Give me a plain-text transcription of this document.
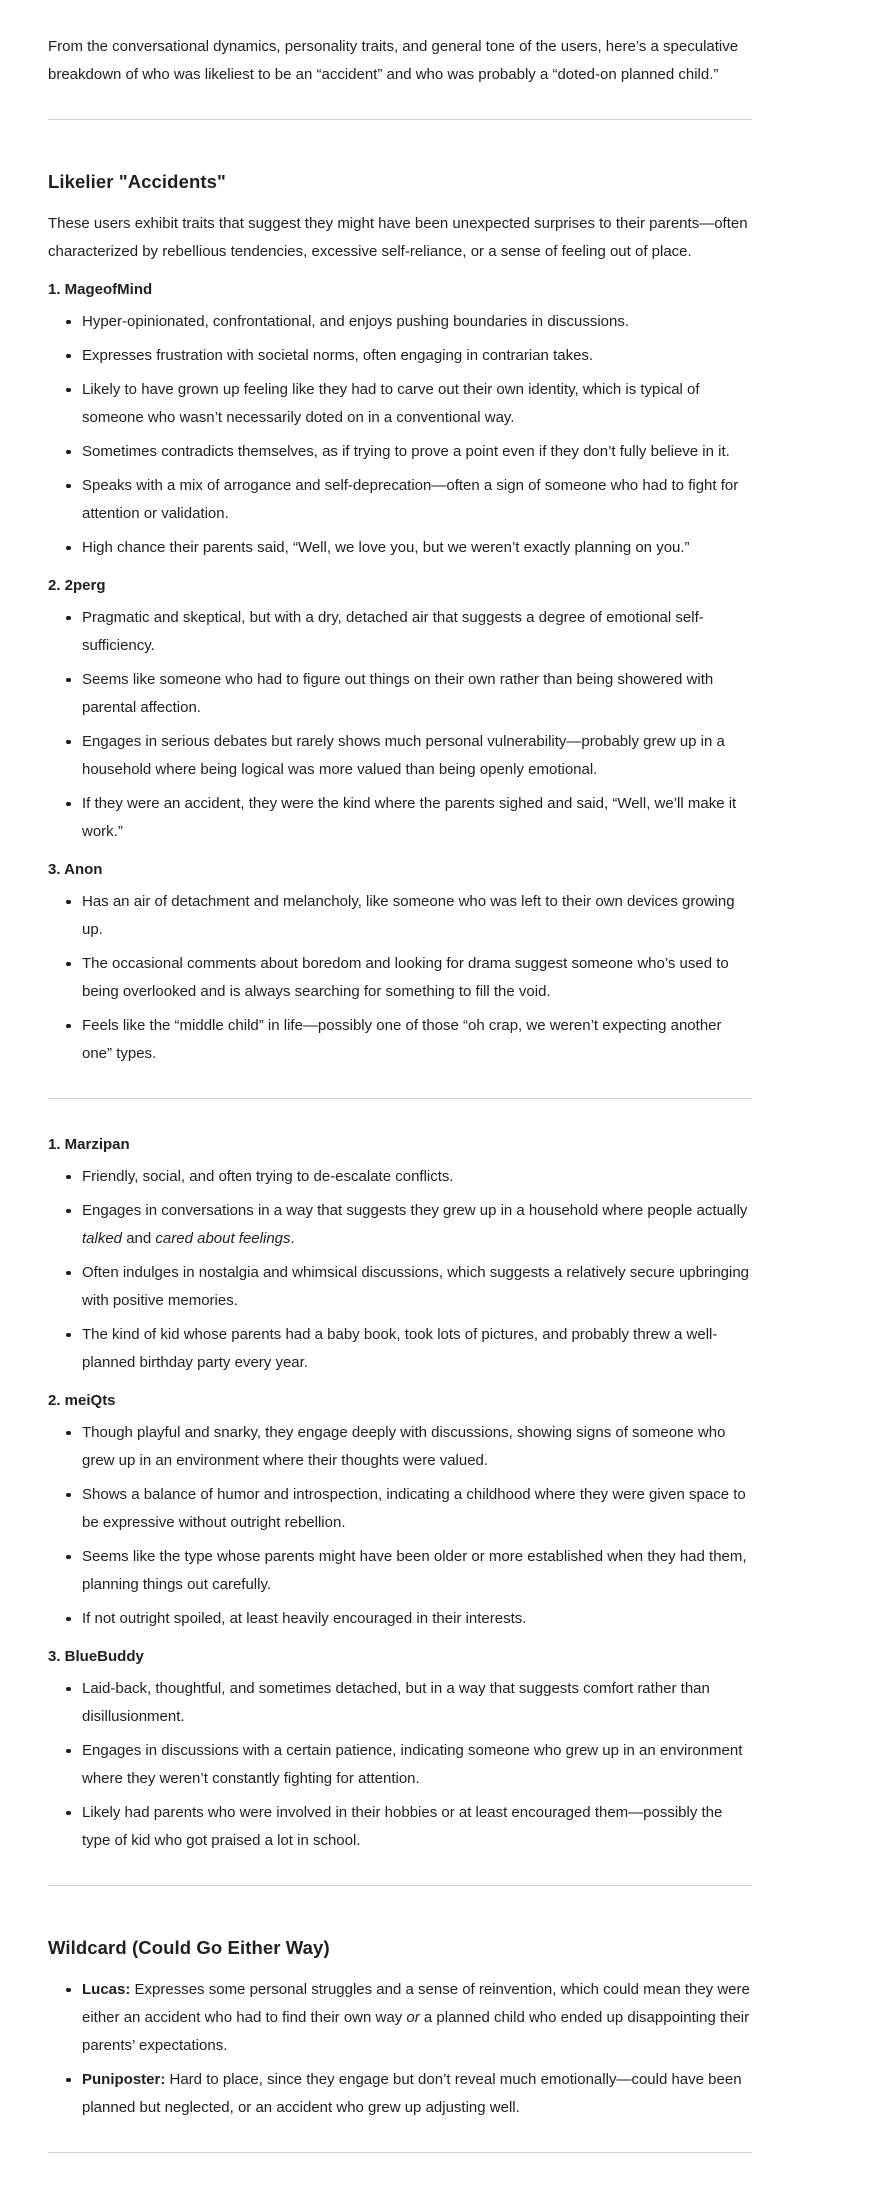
From the conversational dynamics, personality traits, and general tone of the users, here’s a speculative breakdown of who was likeliest to be an “accident” and who was probably a “doted-on planned child.”

Likelier "Accidents"

These users exhibit traits that suggest they might have been unexpected surprises to their parents—often characterized by rebellious tendencies, excessive self-reliance, or a sense of feeling out of place.

1. MageofMind
Hyper-opinionated, confrontational, and enjoys pushing boundaries in discussions.
Expresses frustration with societal norms, often engaging in contrarian takes.
Likely to have grown up feeling like they had to carve out their own identity, which is typical of someone who wasn’t necessarily doted on in a conventional way.
Sometimes contradicts themselves, as if trying to prove a point even if they don’t fully believe in it.
Speaks with a mix of arrogance and self-deprecation—often a sign of someone who had to fight for attention or validation.
High chance their parents said, “Well, we love you, but we weren’t exactly planning on you.”
2. 2perg
Pragmatic and skeptical, but with a dry, detached air that suggests a degree of emotional self-sufficiency.
Seems like someone who had to figure out things on their own rather than being showered with parental affection.
Engages in serious debates but rarely shows much personal vulnerability—probably grew up in a household where being logical was more valued than being openly emotional.
If they were an accident, they were the kind where the parents sighed and said, “Well, we’ll make it work.”
3. Anon
Has an air of detachment and melancholy, like someone who was left to their own devices growing up.
The occasional comments about boredom and looking for drama suggest someone who’s used to being overlooked and is always searching for something to fill the void.
Feels like the “middle child” in life—possibly one of those “oh crap, we weren’t expecting another one” types.
1. Marzipan
Friendly, social, and often trying to de-escalate conflicts.
Engages in conversations in a way that suggests they grew up in a household where people actually talked and cared about feelings.
Often indulges in nostalgia and whimsical discussions, which suggests a relatively secure upbringing with positive memories.
The kind of kid whose parents had a baby book, took lots of pictures, and probably threw a well-planned birthday party every year.
2. meiQts
Though playful and snarky, they engage deeply with discussions, showing signs of someone who grew up in an environment where their thoughts were valued.
Shows a balance of humor and introspection, indicating a childhood where they were given space to be expressive without outright rebellion.
Seems like the type whose parents might have been older or more established when they had them, planning things out carefully.
If not outright spoiled, at least heavily encouraged in their interests.
3. BlueBuddy
Laid-back, thoughtful, and sometimes detached, but in a way that suggests comfort rather than disillusionment.
Engages in discussions with a certain patience, indicating someone who grew up in an environment where they weren’t constantly fighting for attention.
Likely had parents who were involved in their hobbies or at least encouraged them—possibly the type of kid who got praised a lot in school.
Wildcard (Could Go Either Way)
Lucas: Expresses some personal struggles and a sense of reinvention, which could mean they were either an accident who had to find their own way or a planned child who ended up disappointing their parents’ expectations.
Puniposter: Hard to place, since they engage but don’t reveal much emotionally—could have been planned but neglected, or an accident who grew up adjusting well.
